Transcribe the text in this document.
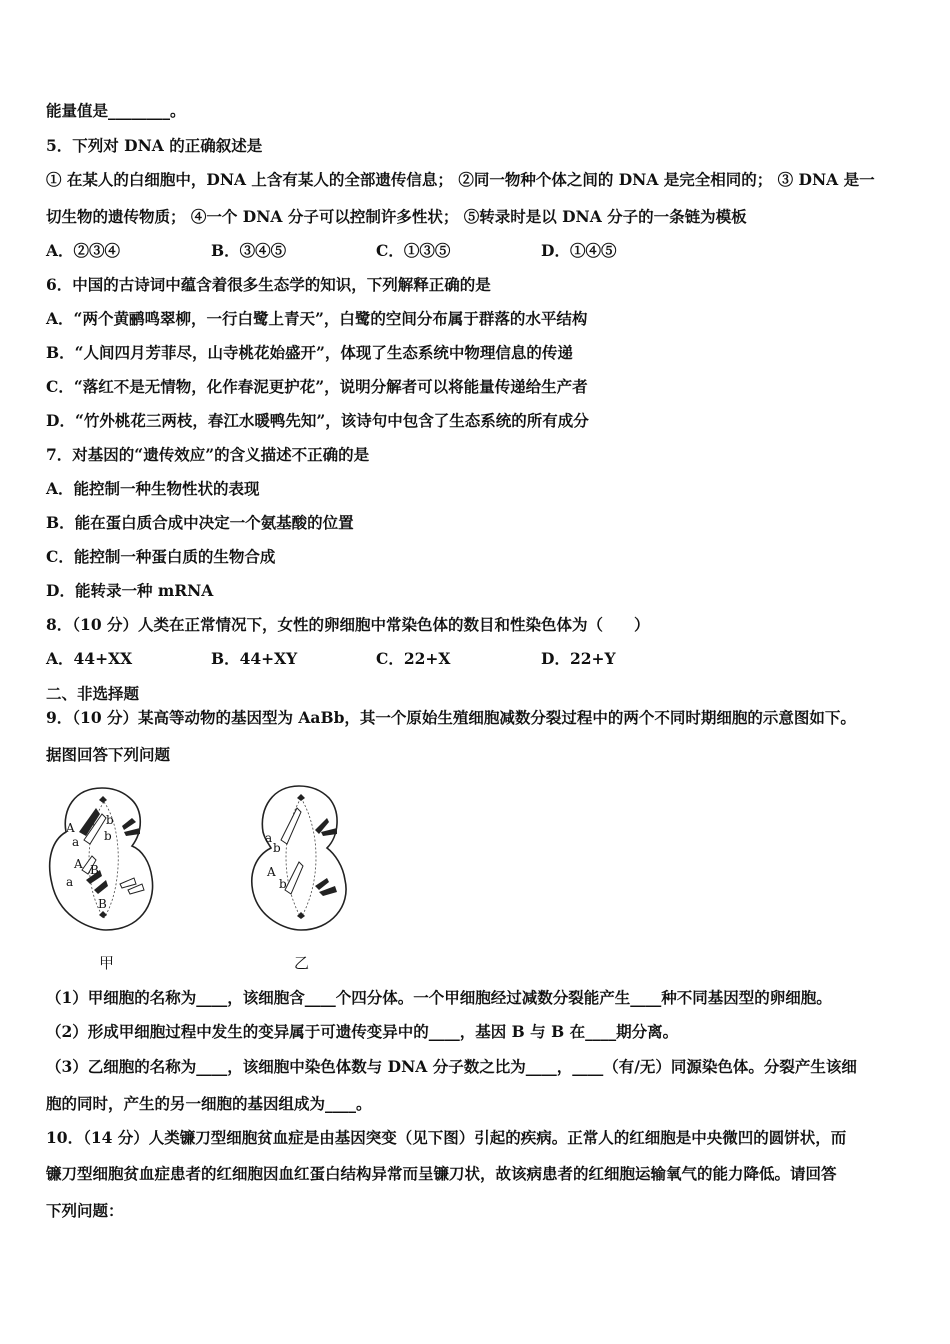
能量值是________。
5．下列对 DNA 的正确叙述是
① 在某人的白细胞中，DNA 上含有某人的全部遗传信息； ②同一物种个体之间的 DNA 是完全相同的； ③ DNA 是一
切生物的遗传物质； ④一个 DNA 分子可以控制许多性状； ⑤转录时是以 DNA 分子的一条链为模板
A．②③④	B．③④⑤	C．①③⑤	D．①④⑤
6．中国的古诗词中蕴含着很多生态学的知识，下列解释正确的是
A．“两个黄鹂鸣翠柳，一行白鹭上青天”，白鹭的空间分布属于群落的水平结构
B．“人间四月芳菲尽，山寺桃花始盛开”，体现了生态系统中物理信息的传递
C．“落红不是无情物，化作春泥更护花”，说明分解者可以将能量传递给生产者
D．“竹外桃花三两枝，春江水暖鸭先知”，该诗句中包含了生态系统的所有成分
7．对基因的“遗传效应”的含义描述不正确的是
A．能控制一种生物性状的表现
B．能在蛋白质合成中决定一个氨基酸的位置
C．能控制一种蛋白质的生物合成
D．能转录一种 mRNA
8．（10 分）人类在正常情况下，女性的卵细胞中常染色体的数目和性染色体为（　　）
A．44+XX	B．44+XY	C．22+X	D．22+Y
二、非选择题
9．（10 分）某高等动物的基因型为 AaBb，其一个原始生殖细胞减数分裂过程中的两个不同时期细胞的示意图如下。
据图回答下列问题
A
a
b
b
A B
a
B
甲
a
b
A
b
乙
（1）甲细胞的名称为____，该细胞含____个四分体。一个甲细胞经过减数分裂能产生____种不同基因型的卵细胞。
（2）形成甲细胞过程中发生的变异属于可遗传变异中的____，基因 B 与 B 在____期分离。
（3）乙细胞的名称为____，该细胞中染色体数与 DNA 分子数之比为____，____（有/无）同源染色体。分裂产生该细
胞的同时，产生的另一细胞的基因组成为____。
10．（14 分）人类镰刀型细胞贫血症是由基因突变（见下图）引起的疾病。正常人的红细胞是中央微凹的圆饼状，而
镰刀型细胞贫血症患者的红细胞因血红蛋白结构异常而呈镰刀状，故该病患者的红细胞运输氧气的能力降低。请回答
下列问题：
